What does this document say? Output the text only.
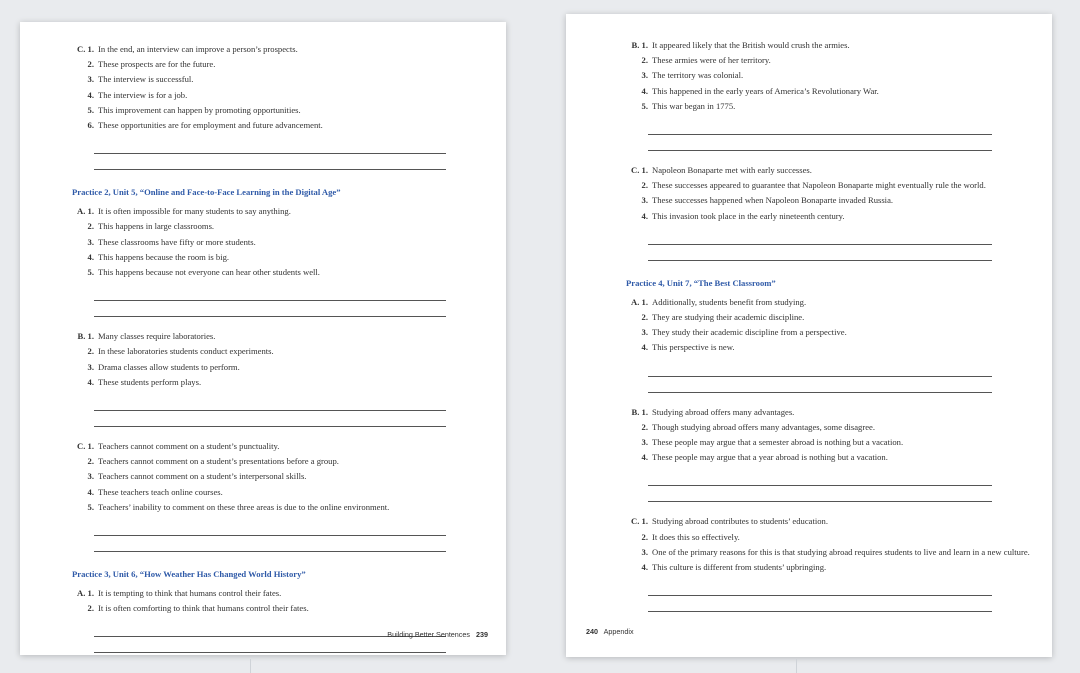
C. 1. In the end, an interview can improve a person’s prospects.
2. These prospects are for the future.
3. The interview is successful.
4. The interview is for a job.
5. This improvement can happen by promoting opportunities.
6. These opportunities are for employment and future advancement.
Practice 2, Unit 5, “Online and Face-to-Face Learning in the Digital Age”
A. 1. It is often impossible for many students to say anything.
2. This happens in large classrooms.
3. These classrooms have fifty or more students.
4. This happens because the room is big.
5. This happens because not everyone can hear other students well.
B. 1. Many classes require laboratories.
2. In these laboratories students conduct experiments.
3. Drama classes allow students to perform.
4. These students perform plays.
C. 1. Teachers cannot comment on a student’s punctuality.
2. Teachers cannot comment on a student’s presentations before a group.
3. Teachers cannot comment on a student’s interpersonal skills.
4. These teachers teach online courses.
5. Teachers’ inability to comment on these three areas is due to the online environment.
Practice 3, Unit 6, “How Weather Has Changed World History”
A. 1. It is tempting to think that humans control their fates.
2. It is often comforting to think that humans control their fates.
Building Better Sentences 239
B. 1. It appeared likely that the British would crush the armies.
2. These armies were of her territory.
3. The territory was colonial.
4. This happened in the early years of America’s Revolutionary War.
5. This war began in 1775.
C. 1. Napoleon Bonaparte met with early successes.
2. These successes appeared to guarantee that Napoleon Bonaparte might eventually rule the world.
3. These successes happened when Napoleon Bonaparte invaded Russia.
4. This invasion took place in the early nineteenth century.
Practice 4, Unit 7, “The Best Classroom”
A. 1. Additionally, students benefit from studying.
2. They are studying their academic discipline.
3. They study their academic discipline from a perspective.
4. This perspective is new.
B. 1. Studying abroad offers many advantages.
2. Though studying abroad offers many advantages, some disagree.
3. These people may argue that a semester abroad is nothing but a vacation.
4. These people may argue that a year abroad is nothing but a vacation.
C. 1. Studying abroad contributes to students’ education.
2. It does this so effectively.
3. One of the primary reasons for this is that studying abroad requires students to live and learn in a new culture.
4. This culture is different from students’ upbringing.
240 Appendix
